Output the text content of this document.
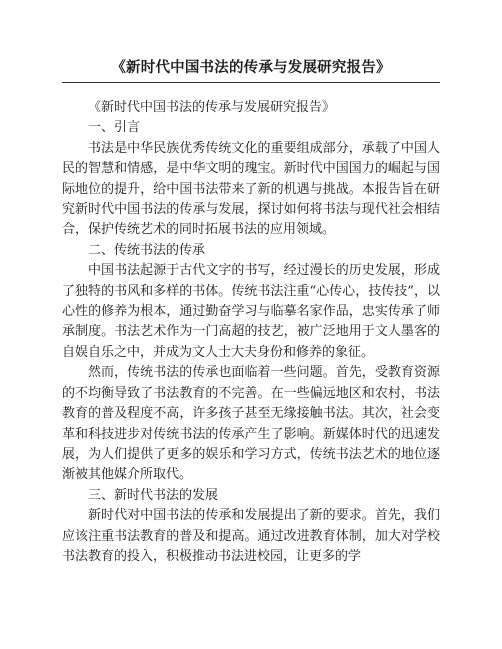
《新时代中国书法的传承与发展研究报告》

《新时代中国书法的传承与发展研究报告》

一、引言

书法是中华民族优秀传统文化的重要组成部分，承载了中国人民的智慧和情感，是中华文明的瑰宝。新时代中国国力的崛起与国际地位的提升，给中国书法带来了新的机遇与挑战。本报告旨在研究新时代中国书法的传承与发展，探讨如何将书法与现代社会相结合，保护传统艺术的同时拓展书法的应用领域。

二、传统书法的传承

中国书法起源于古代文字的书写，经过漫长的历史发展，形成了独特的书风和多样的书体。传统书法注重“心传心，技传技”，以心性的修养为根本，通过勤奋学习与临摹名家作品，忠实传承了师承制度。书法艺术作为一门高超的技艺，被广泛地用于文人墨客的自娱自乐之中，并成为文人士大夫身份和修养的象征。

然而，传统书法的传承也面临着一些问题。首先，受教育资源的不均衡导致了书法教育的不完善。在一些偏远地区和农村，书法教育的普及程度不高，许多孩子甚至无缘接触书法。其次，社会变革和科技进步对传统书法的传承产生了影响。新媒体时代的迅速发展，为人们提供了更多的娱乐和学习方式，传统书法艺术的地位逐渐被其他媒介所取代。

三、新时代书法的发展

新时代对中国书法的传承和发展提出了新的要求。首先，我们应该注重书法教育的普及和提高。通过改进教育体制，加大对学校书法教育的投入，积极推动书法进校园，让更多的学
